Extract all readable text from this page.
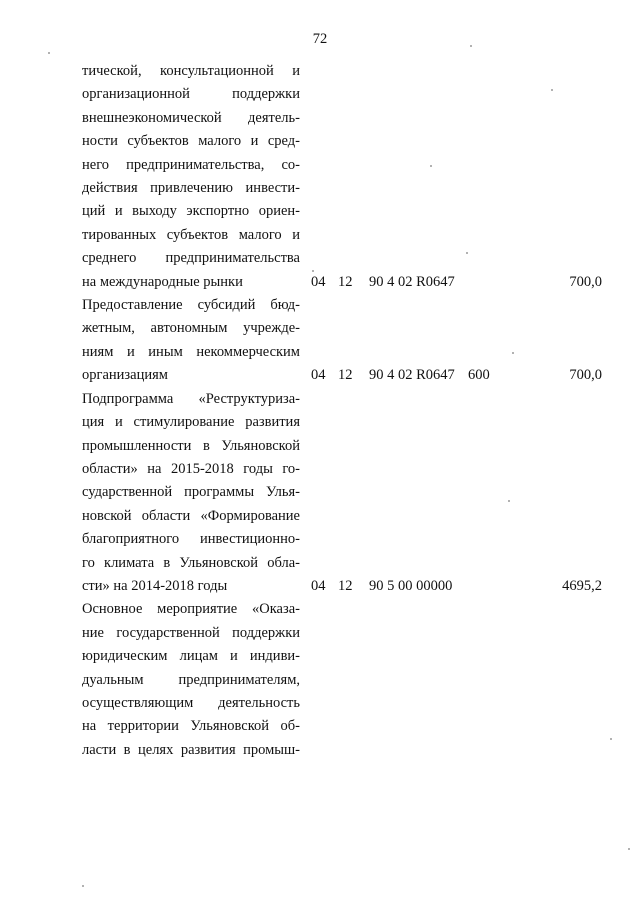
72

тической, консультационной и
организационной поддержки
внешнеэкономической деятель-
ности субъектов малого и сред-
него предпринимательства, со-
действия привлечению инвести-
ций и выходу экспортно ориен-
тированных субъектов малого и
среднего предпринимательства
на международные рынки	04 12 90 4 02 R0647	700,0

Предоставление субсидий бюд-
жетным, автономным учрежде-
ниям и иным некоммерческим
организациям	04 12 90 4 02 R0647 600	700,0

Подпрограмма «Реструктуриза-
ция и стимулирование развития
промышленности в Ульяновской
области» на 2015-2018 годы го-
сударственной программы Улья-
новской области «Формирование
благоприятного инвестиционно-
го климата в Ульяновской обла-
сти» на 2014-2018 годы	04 12 90 5 00 00000	4695,2

Основное мероприятие «Оказа-
ние государственной поддержки
юридическим лицам и индиви-
дуальным предпринимателям,
осуществляющим деятельность
на территории Ульяновской об-
ласти в целях развития промыш-
